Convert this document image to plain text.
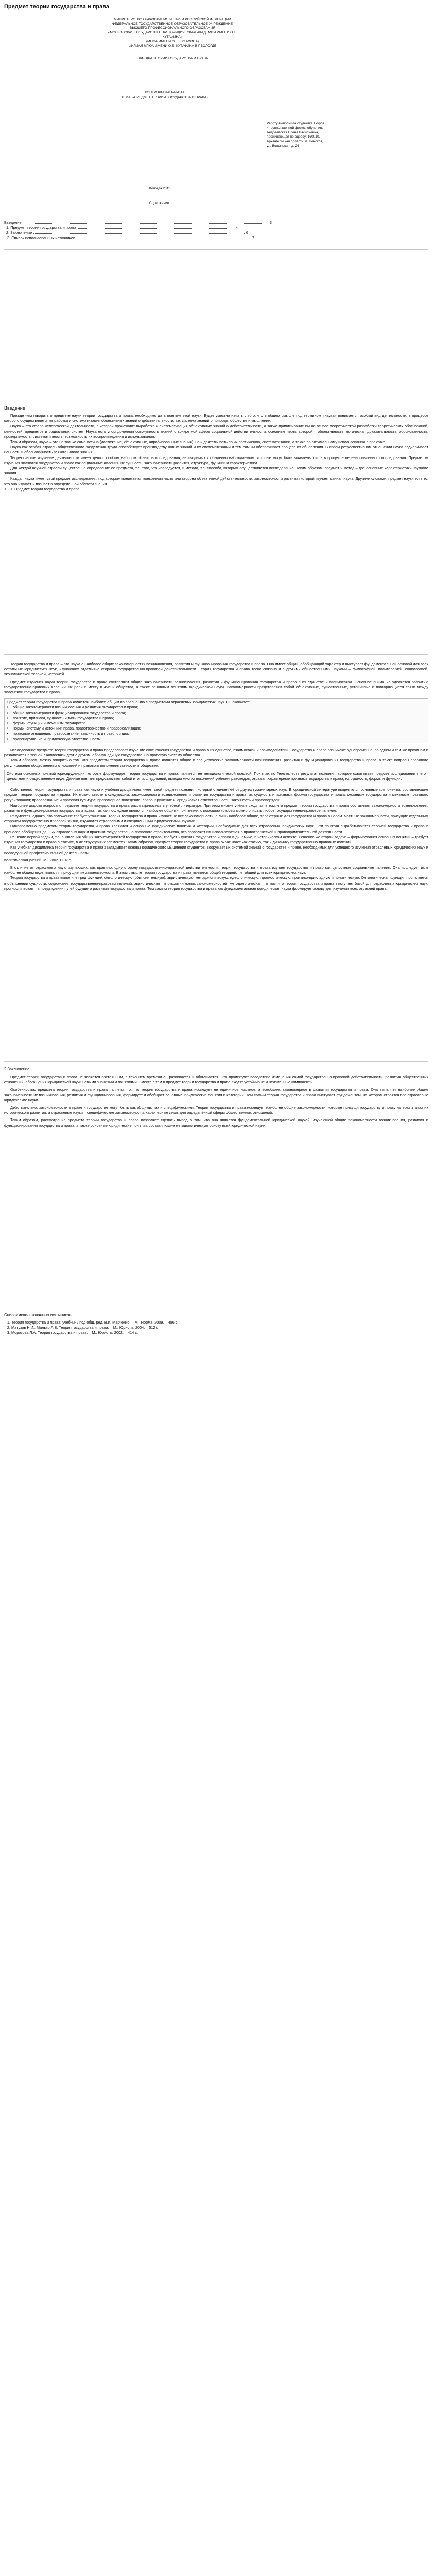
Предмет теории государства и права
МИНИСТЕРСТВО ОБРАЗОВАНИЯ И НАУКИ РОССИЙСКОЙ ФЕДЕРАЦИИ
ФЕДЕРАЛЬНОЕ ГОСУДАРСТВЕННОЕ ОБРАЗОВАТЕЛЬНОЕ УЧРЕЖДЕНИЕ
ВЫСШЕГО ПРОФЕССИОНАЛЬНОГО ОБРАЗОВАНИЯ
«МОСКОВСКАЯ ГОСУДАРСТВЕННАЯ ЮРИДИЧЕСКАЯ АКАДЕМИЯ ИМЕНИ О.Е.
КУТАФИНА»
(МГЮА ИМЕНИ О.Е. КУТАФИНА)
ФИЛИАЛ МГЮА ИМЕНИ О.Е. КУТАФИНА В Г.ВОЛОГДЕ
КАФЕДРА ТЕОРИИ ГОСУДАРСТВА И ПРАВА
КОНТРОЛЬНАЯ РАБОТА
ТЕМА: «ПРЕДМЕТ ТЕОРИИ ГОСУДАРСТВА И ПРАВА»
Работу выполнила студентка I курса
4 группы заочной формы обучения,
Андреевская Елена Васильевна,
проживающая по адресу: 160010,
Архангельская область, п. Ненокса,
ул. Волынская, д. 26
Вологда 2011
Содержание
Введение	3
1. Предмет теории государства и права	4
2. Заключение	6
3. Список использованных источников	7
Введение

Прежде чем говорить о предмете науки теории государства и права, необходимо дать понятие этой науки. Будет уместно начать с того, что в общем смысле под термином «наука» понимается особый вид деятельности, в процессе которого осуществляется выработка и систематизация объективных знаний о действительности, т.е. система знаний о природе, обществе и мышлении.

Наука – это сфера человеческой деятельности, в которой происходит выработка и систематизация объективных знаний о действительности, а также приписывание им на основе теоретической разработки теоретических обоснований, ценностей, предметов и социальных систем. Наука есть упорядоченная совокупность знаний о конкретной сфере социальной действительности, основные черты которой – объективность, логическая доказательность, обоснованность, проверяемость, систематичность, возможность их воспроизведения и использования.

Таким образом, наука – это не только сама истина (достижение, объективные, апробированные знания), но и деятельность по их постижению, систематизации, а также по оптимальному использованию в практике.

Наука как особая отрасль общественного разделения труда способствует производству новых знаний и их систематизации и тем самым обеспечивает процесс их обновления. В своём ретроспективном отношении наука подчёркивает ценность и обоснованность всякого нового знания.

Теоретическое изучение деятельности имеет дело с особым набором объектов исследования, не сводимых к обыденно наблюдаемым, которые могут быть выявлены лишь в процессе целенаправленного исследования. Предметом изучения являются государство и право как социальные явления, их сущность, закономерности развития, структура, функции и характеристики.

Для каждой научной отрасли существенно определение её предмета, т.е. того, что исследуется, и метода, т.е. способа, которым осуществляется исследование. Таким образом, предмет и метод – две основные характеристики научного знания.

Каждая наука имеет свой предмет исследования, под которым понимается конкретная часть или сторона объективной действительности, закономерности развития которой изучает данная наука. Другими словами, предмет науки есть то, что она изучает и познаёт в определённой области знания.

1. 1. Предмет теории государства и права

Теория государства и права – это наука о наиболее общих закономерностях возникновения, развития и функционирования государства и права. Она имеет общий, обобщающий характер и выступает фундаментальной основой для всех остальных юридических наук, изучающих отдельные стороны государственно-правовой действительности. Теория государства и права тесно связана и с другими общественными науками – философией, политологией, социологией, экономической теорией, историей.

Предмет изучения науки теории государства и права составляют общие закономерности возникновения, развития и функционирования государства и права в их единстве и взаимосвязи. Основное внимание уделяется развитию государственно-правовых явлений, их роли и месту в жизни общества, а также основным понятиям юридической науки. Закономерности представляют собой объективные, существенные, устойчивые и повторяющиеся связи между явлениями государства и права.

Предмет теории государства и права является наиболее общим по сравнению с предметами отраслевых юридических наук. Он включает:

• общие закономерности возникновения и развития государства и права;
• общие закономерности функционирования государства и права;
• понятие, признаки, сущность и типы государства и права;
• формы, функции и механизм государства;
• нормы, систему и источники права, правотворчество и правореализацию;
• правовые отношения, правосознание, законность и правопорядок;
• правонарушение и юридическую ответственность.

Исследование предмета теории государства и права предполагает изучение соотношения государства и права в их единстве, взаимосвязи и взаимодействии. Государство и право возникают одновременно, по одним и тем же причинам и развиваются в тесной взаимосвязи друг с другом, образуя единую государственно-правовую систему общества.

Таким образом, можно говорить о том, что предметом теории государства и права являются общие и специфические закономерности возникновения, развития и функционирования государства и права, а также вопросы правового регулирования общественных отношений и правового положения личности в обществе.

Система основных понятий юриспруденции, которые формулирует теория государства и права, является ее методологической основой. Понятие, по Гегелю, есть результат познания, которое охватывает предмет исследования в его целостном и существенном виде. Данные понятия представляют собой итог исследований, выводы многих поколений учёных-правоведов, отражая характерные признаки государства и права, их сущность, формы и функции.

Собственно, теория государства и права как наука и учебная дисциплина имеет свой предмет познания, который отличает её от других гуманитарных наук. В юридической литературе выделяются основные компоненты, составляющие предмет теории государства и права. Их можно свести к следующим: закономерности возникновения и развития государства и права; их сущность и признаки; формы государства и права; механизм государства и механизм правового регулирования; правосознание и правовая культура; правомерное поведение, правонарушение и юридическая ответственность; законность и правопорядок.

Наиболее широко вопросы о предмете теории государства и права рассматривались в учебной литературе. При этом многие учёные сходятся в том, что предмет теории государства и права составляют закономерности возникновения, развития и функционирования государства и права, так как последние являются наиболее общими понятиями, с помощью которых можно описать любое государственно-правовое явление.

Разумеется, однако, это положение требует уточнения. Теория государства и права изучает не все закономерности, а лишь наиболее общие, характерные для государства и права в целом. Частные закономерности, присущие отдельным сторонам государственно-правовой жизни, изучаются отраслевыми и специальными юридическими науками.

Одновременно предметом теории государства и права являются и основные юридические понятия и категории, необходимые для всех отраслевых юридических наук. Эти понятия вырабатываются теорией государства и права в процессе обобщения данных отраслевых наук и практики государственно-правового строительства, что позволяет им использоваться в правотворческой и правоприменительной деятельности.

Решение первой задачи, т.е. выявления общих закономерностей государства и права, требует изучения государства и права в динамике, в историческом аспекте. Решение же второй задачи – формирования основных понятий – требует изучения государства и права в статике, в их структурных элементах. Таким образом, предмет теории государства и права охватывает как статику, так и динамику государственно-правовых явлений.

Как учебная дисциплина теория государства и права закладывает основы юридического мышления студентов, вооружает их системой знаний о государстве и праве, необходимых для успешного изучения отраслевых юридических наук и последующей профессиональной деятельности.

политическая учений. М., 2002. С. 415.

В отличие от отраслевых наук, изучающих, как правило, одну сторону государственно-правовой действительности, теория государства и права изучает государство и право как целостные социальные явления. Она исследует их в наиболее общем виде, выявляя присущие им закономерности. В этом смысле теория государства и права является общей теорией, т.е. общей для всех юридических наук.

Теория государства и права выполняет ряд функций: онтологическую (объяснительную), эвристическую, методологическую, идеологическую, прогностическую, практико-прикладную и политическую. Онтологическая функция проявляется в объяснении сущности, содержания государственно-правовых явлений; эвристическая – в открытии новых закономерностей; методологическая – в том, что теория государства и права выступает базой для отраслевых юридических наук; прогностическая – в предвидении путей будущего развития государства и права. Тем самым теория государства и права как фундаментальная юридическая наука формирует основу для изучения всех отраслей права.

2.Заключение

Предмет теории государства и права не является постоянным, с течением времени он развивается и обогащается. Это происходит вследствие изменения самой государственно-правовой действительности, развития общественных отношений, обогащения юридической науки новыми знаниями и понятиями. Вместе с тем в предмет теории государства и права входят устойчивые и неизменные компоненты.

Особенностью предмета теории государства и права является то, что теория государства и права исследует не единичное, частное, а всеобщее, закономерное в развитии государства и права. Она выявляет наиболее общие закономерности их возникновения, развития и функционирования, формирует и обобщает основные юридические понятия и категории. Тем самым теория государства и права выступает фундаментом, на котором строятся все отраслевые юридические науки.

Действительно, закономерности в праве и государстве могут быть как общими, так и специфическими. Теория государства и права исследует наиболее общие закономерности, которые присущи государству и праву на всех этапах их исторического развития, а отраслевые науки – специфические закономерности, характерные лишь для определённой сферы общественных отношений.

Таким образом, рассмотрение предмета теории государства и права позволяет сделать вывод о том, что она является фундаментальной юридической наукой, изучающей общие закономерности возникновения, развития и функционирования государства и права, а также основные юридические понятия, составляющие методологическую основу всей юридической науки.

Список использованных источников
1. Теория государства и права: учебник / под общ. ред. В.К. Марченко. – М.: Норма, 2009. – 496 с.
2. Матузов Н.И., Малько А.В. Теория государства и права. – М.: Юристъ, 2004. – 512 с.
3. Морозова Л.А. Теория государства и права. – М.: Юристъ, 2002. – 414 с.
